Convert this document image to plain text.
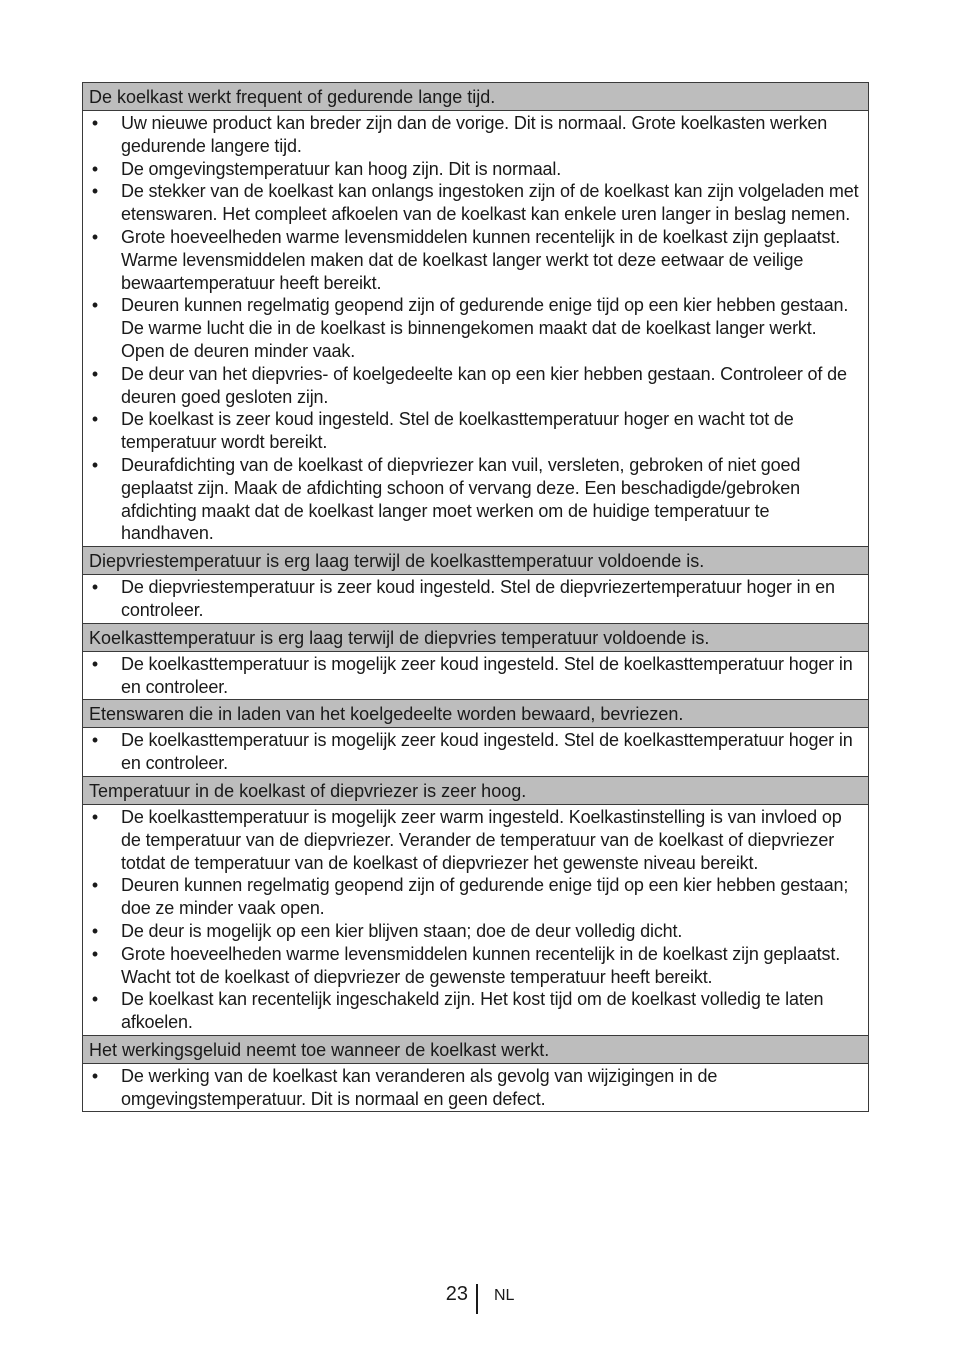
De koelkast werkt frequent of gedurende lange tijd.
• Uw nieuwe product kan breder zijn dan de vorige. Dit is normaal. Grote koelkasten werken gedurende langere tijd.
• De omgevingstemperatuur kan hoog zijn. Dit is normaal.
• De stekker van de koelkast kan onlangs ingestoken zijn of de koelkast kan zijn volgeladen met etenswaren. Het compleet afkoelen van de koelkast kan enkele uren langer in beslag nemen.
• Grote hoeveelheden warme levensmiddelen kunnen recentelijk in de koelkast zijn geplaatst. Warme levensmiddelen maken dat de koelkast langer werkt tot deze eetwaar de veilige bewaartemperatuur heeft bereikt.
• Deuren kunnen regelmatig geopend zijn of gedurende enige tijd op een kier hebben gestaan. De warme lucht die in de koelkast is binnengekomen maakt dat de koelkast langer werkt. Open de deuren minder vaak.
• De deur van het diepvries- of koelgedeelte kan op een kier hebben gestaan. Controleer of de deuren goed gesloten zijn.
• De koelkast is zeer koud ingesteld. Stel de koelkasttemperatuur hoger en wacht tot de temperatuur wordt bereikt.
• Deurafdichting van de koelkast of diepvriezer kan vuil, versleten, gebroken of niet goed geplaatst zijn. Maak de afdichting schoon of vervang deze. Een beschadigde/gebroken afdichting maakt dat de koelkast langer moet werken om de huidige temperatuur te handhaven.
Diepvriestemperatuur is erg laag terwijl de koelkasttemperatuur voldoende is.
• De diepvriestemperatuur is zeer koud ingesteld. Stel de diepvriezertemperatuur hoger in en controleer.
Koelkasttemperatuur is erg laag terwijl de diepvries temperatuur voldoende is.
• De koelkasttemperatuur is mogelijk zeer koud ingesteld. Stel de koelkasttemperatuur hoger in en controleer.
Etenswaren die in laden van het koelgedeelte worden bewaard, bevriezen.
• De koelkasttemperatuur is mogelijk zeer koud ingesteld. Stel de koelkasttemperatuur hoger in en controleer.
Temperatuur in de koelkast of diepvriezer is zeer hoog.
• De koelkasttemperatuur is mogelijk zeer warm ingesteld. Koelkastinstelling is van invloed op de temperatuur van de diepvriezer. Verander de temperatuur van de koelkast of diepvriezer totdat de temperatuur van de koelkast of diepvriezer het gewenste niveau bereikt.
• Deuren kunnen regelmatig geopend zijn of gedurende enige tijd op een kier hebben gestaan; doe ze minder vaak open.
• De deur is mogelijk op een kier blijven staan; doe de deur volledig dicht.
• Grote hoeveelheden warme levensmiddelen kunnen recentelijk in de koelkast zijn geplaatst. Wacht tot de koelkast of diepvriezer de gewenste temperatuur heeft bereikt.
• De koelkast kan recentelijk ingeschakeld zijn. Het kost tijd om de koelkast volledig te laten afkoelen.
Het werkingsgeluid neemt toe wanneer de koelkast werkt.
• De werking van de koelkast kan veranderen als gevolg van wijzigingen in de omgevingstemperatuur. Dit is normaal en geen defect.
23 NL
